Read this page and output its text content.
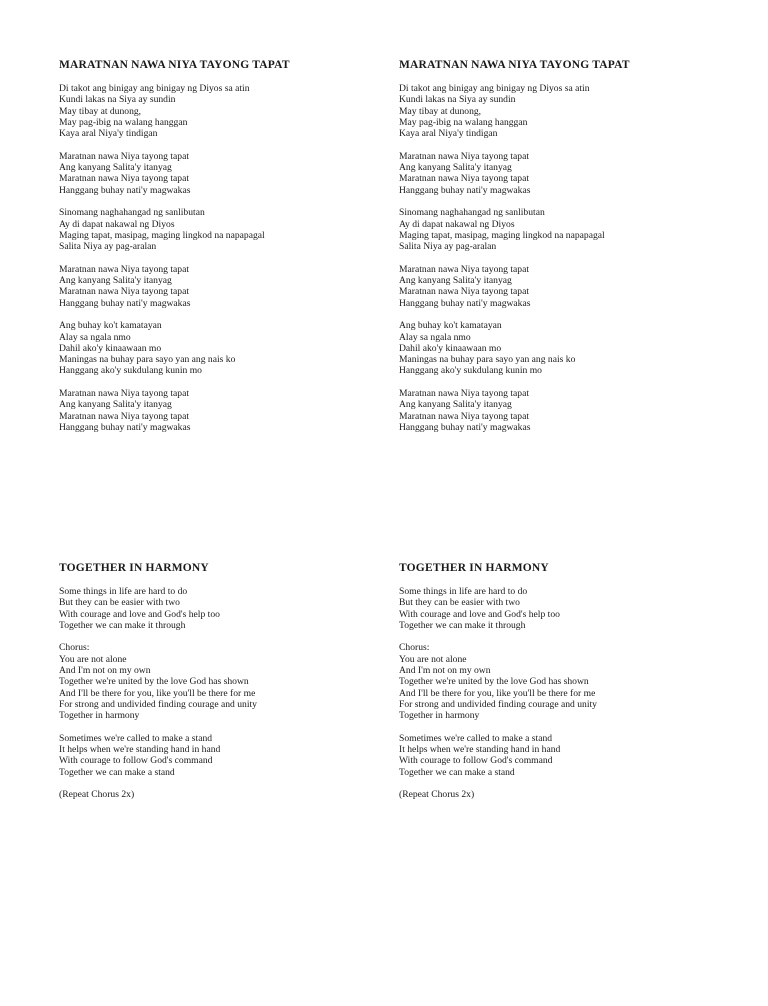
MARATNAN NAWA NIYA TAYONG TAPAT
Di takot ang binigay ang binigay ng Diyos sa atin
Kundi lakas na Siya ay sundin
May tibay at dunong,
May pag-ibig na walang hanggan
Kaya aral Niya'y tindigan
Maratnan nawa Niya tayong tapat
Ang kanyang Salita'y itanyag
Maratnan nawa Niya tayong tapat
Hanggang buhay nati'y magwakas
Sinomang naghahangad ng sanlibutan
Ay di dapat nakawal ng Diyos
Maging tapat, masipag, maging lingkod na napapagal
Salita Niya ay pag-aralan
Maratnan nawa Niya tayong tapat
Ang kanyang Salita'y itanyag
Maratnan nawa Niya tayong tapat
Hanggang buhay nati'y magwakas
Ang buhay ko't kamatayan
Alay sa ngala nmo
Dahil ako'y kinaawaan mo
Maningas na buhay para sayo yan ang nais ko
Hanggang ako'y sukdulang kunin mo
Maratnan nawa Niya tayong tapat
Ang kanyang Salita'y itanyag
Maratnan nawa Niya tayong tapat
Hanggang buhay nati'y magwakas
MARATNAN NAWA NIYA TAYONG TAPAT
Di takot ang binigay ang binigay ng Diyos sa atin
Kundi lakas na Siya ay sundin
May tibay at dunong,
May pag-ibig na walang hanggan
Kaya aral Niya'y tindigan
Maratnan nawa Niya tayong tapat
Ang kanyang Salita'y itanyag
Maratnan nawa Niya tayong tapat
Hanggang buhay nati'y magwakas
Sinomang naghahangad ng sanlibutan
Ay di dapat nakawal ng Diyos
Maging tapat, masipag, maging lingkod na napapagal
Salita Niya ay pag-aralan
Maratnan nawa Niya tayong tapat
Ang kanyang Salita'y itanyag
Maratnan nawa Niya tayong tapat
Hanggang buhay nati'y magwakas
Ang buhay ko't kamatayan
Alay sa ngala nmo
Dahil ako'y kinaawaan mo
Maningas na buhay para sayo yan ang nais ko
Hanggang ako'y sukdulang kunin mo
Maratnan nawa Niya tayong tapat
Ang kanyang Salita'y itanyag
Maratnan nawa Niya tayong tapat
Hanggang buhay nati'y magwakas
TOGETHER IN HARMONY
Some things in life are hard to do
But they can be easier with two
With courage and love and God's help too
Together we can make it through
Chorus:
You are not alone
And I'm not on my own
Together we're united by the love God has shown
And I'll be there for you, like you'll be there for me
For strong and undivided finding courage and unity
Together in harmony
Sometimes we're called to make a stand
It helps when we're standing hand in hand
With courage to follow God's command
Together we can make a stand
(Repeat Chorus 2x)
TOGETHER IN HARMONY
Some things in life are hard to do
But they can be easier with two
With courage and love and God's help too
Together we can make it through
Chorus:
You are not alone
And I'm not on my own
Together we're united by the love God has shown
And I'll be there for you, like you'll be there for me
For strong and undivided finding courage and unity
Together in harmony
Sometimes we're called to make a stand
It helps when we're standing hand in hand
With courage to follow God's command
Together we can make a stand
(Repeat Chorus 2x)
